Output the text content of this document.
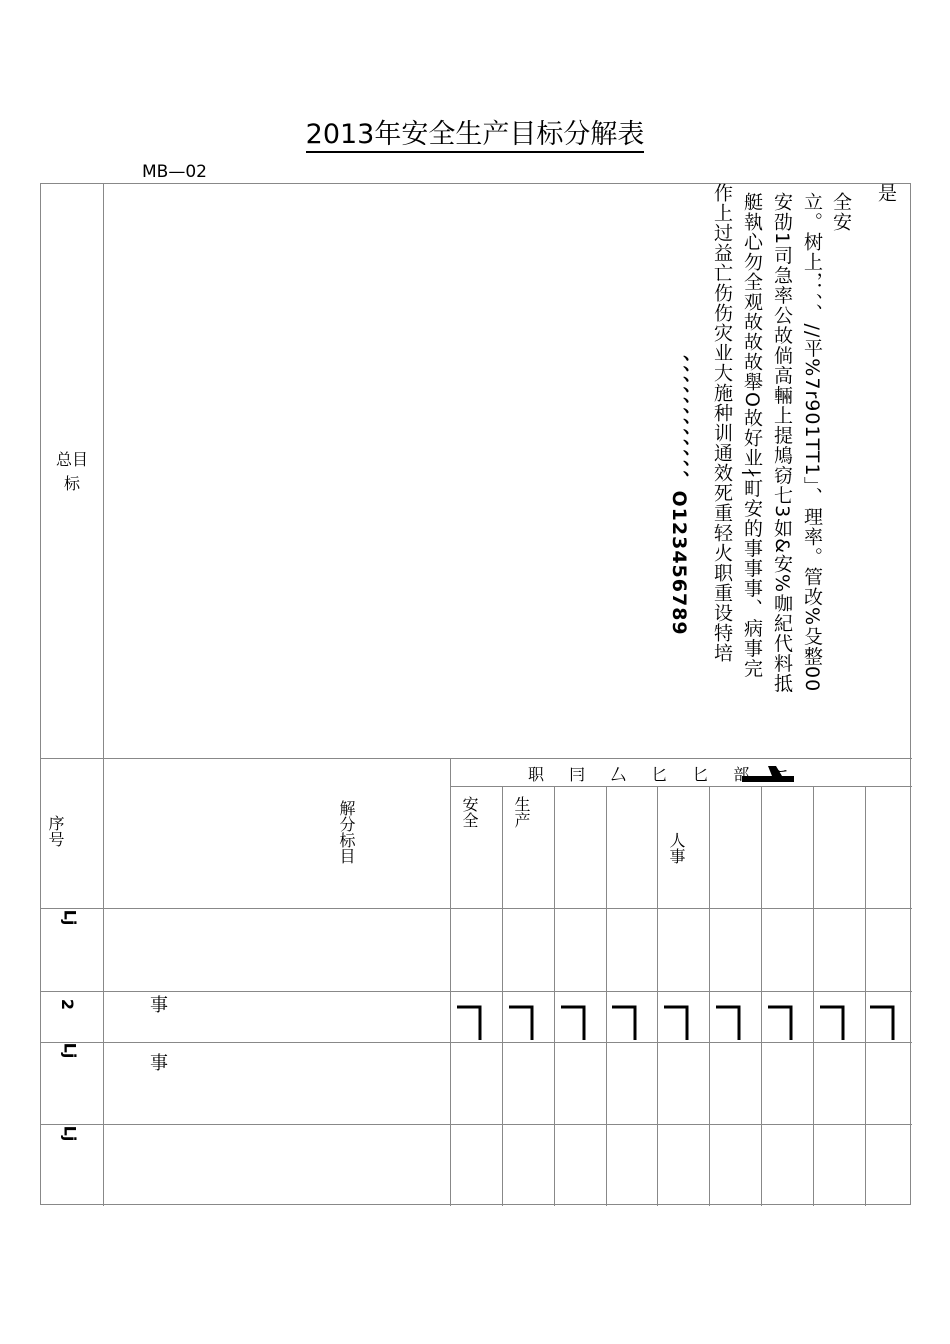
2013年安全生产目标分解表
MB—02
总目标
是
全安
立。树上，．、、//平%7r901TT1」、理率。管改%殳整00
安劭1司急率公故倘高輛上提鳩窃七3如&安%咖紀代料抵
艇執心勿全观故故故舉O故好业∤町安的事事事、病事完
作上过益亡伤伤灾业大施种训通效死重轻火职重设特培
、、、、、、、、、、、、O123456789
序号	解分标目
职 冃 厶 匕 匕 部 ニ
安全 生产
人事
Lj
2
Lj
Lj
事
事
